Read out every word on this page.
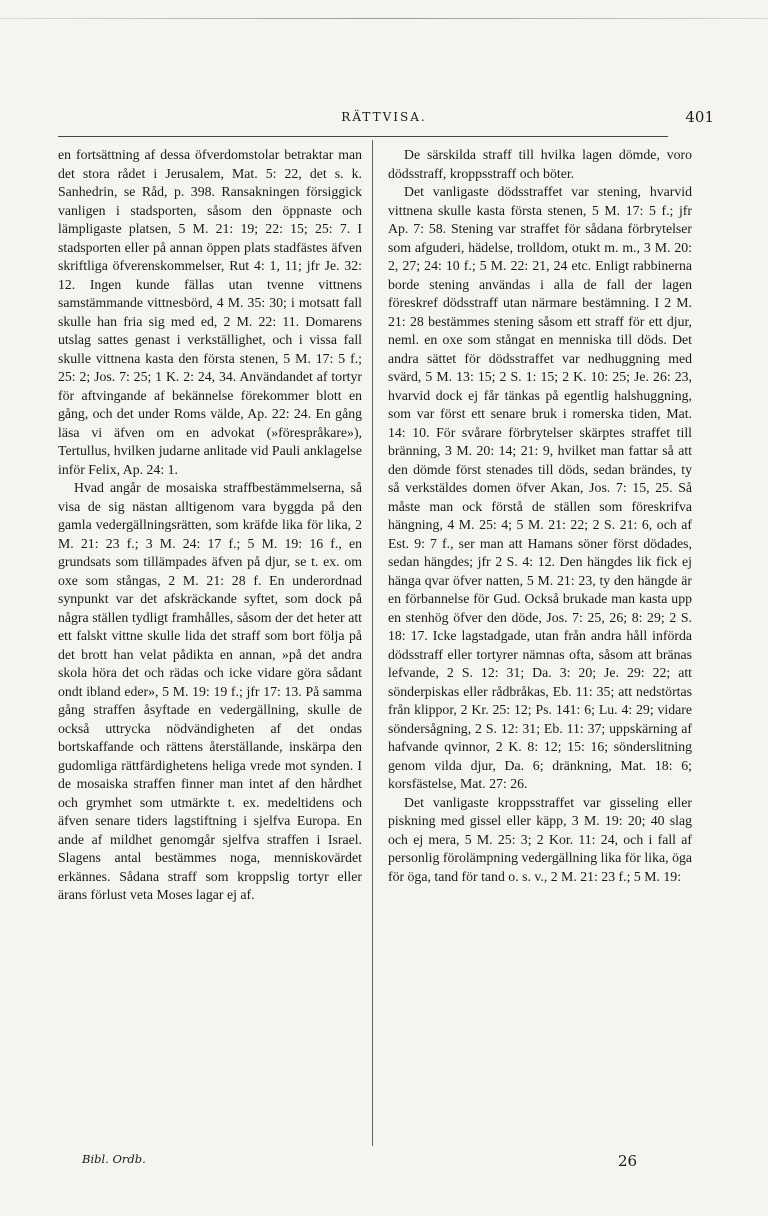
RÄTTVISA.	401

en fortsättning af dessa öfverdomstolar betraktar man det stora rådet i Jerusalem, Mat. 5: 22, det s. k. Sanhedrin, se Råd, p. 398. Ransakningen försiggick vanligen i stadsporten, såsom den öppnaste och lämpligaste platsen, 5 M. 21: 19; 22: 15; 25: 7. I stadsporten eller på annan öppen plats stadfästes äfven skriftliga öfverenskommelser, Rut 4: 1, 11; jfr Je. 32: 12. Ingen kunde fällas utan tvenne vittnens samstämmande vittnesbörd, 4 M. 35: 30; i motsatt fall skulle han fria sig med ed, 2 M. 22: 11. Domarens utslag sattes genast i verkställighet, och i vissa fall skulle vittnena kasta den första stenen, 5 M. 17: 5 f.; 25: 2; Jos. 7: 25; 1 K. 2: 24, 34. Användandet af tortyr för aftvingande af bekännelse förekommer blott en gång, och det under Roms välde, Ap. 22: 24. En gång läsa vi äfven om en advokat (»förespråkare»), Tertullus, hvilken judarne anlitade vid Pauli anklagelse inför Felix, Ap. 24: 1.

Hvad angår de mosaiska straffbestämmelserna, så visa de sig nästan alltigenom vara byggda på den gamla vedergällningsrätten, som kräfde lika för lika, 2 M. 21: 23 f.; 3 M. 24: 17 f.; 5 M. 19: 16 f., en grundsats som tillämpades äfven på djur, se t. ex. om oxe som stångas, 2 M. 21: 28 f. En underordnad synpunkt var det afskräckande syftet, som dock på några ställen tydligt framhålles, såsom der det heter att ett falskt vittne skulle lida det straff som bort följa på det brott han velat pådikta en annan, »på det andra skola höra det och rädas och icke vidare göra sådant ondt ibland eder», 5 M. 19: 19 f.; jfr 17: 13. På samma gång straffen åsyftade en vedergällning, skulle de också uttrycka nödvändigheten af det ondas bortskaffande och rättens återställande, inskärpa den gudomliga rättfärdighetens heliga vrede mot synden. I de mosaiska straffen finner man intet af den hårdhet och grymhet som utmärkte t. ex. medeltidens och äfven senare tiders lagstiftning i sjelfva Europa. En ande af mildhet genomgår sjelfva straffen i Israel. Slagens antal bestämmes noga, menniskovärdet erkännes. Sådana straff som kroppslig tortyr eller ärans förlust veta Moses lagar ej af.

De särskilda straff till hvilka lagen dömde, voro dödsstraff, kroppsstraff och böter.

Det vanligaste dödsstraffet var stening, hvarvid vittnena skulle kasta första stenen, 5 M. 17: 5 f.; jfr Ap. 7: 58. Stening var straffet för sådana förbrytelser som afguderi, hädelse, trolldom, otukt m. m., 3 M. 20: 2, 27; 24: 10 f.; 5 M. 22: 21, 24 etc. Enligt rabbinerna borde stening användas i alla de fall der lagen föreskref dödsstraff utan närmare bestämning. I 2 M. 21: 28 bestämmes stening såsom ett straff för ett djur, neml. en oxe som stångat en menniska till döds. Det andra sättet för dödsstraffet var nedhuggning med svärd, 5 M. 13: 15; 2 S. 1: 15; 2 K. 10: 25; Je. 26: 23, hvarvid dock ej får tänkas på egentlig halshuggning, som var först ett senare bruk i romerska tiden, Mat. 14: 10. För svårare förbrytelser skärptes straffet till bränning, 3 M. 20: 14; 21: 9, hvilket man fattar så att den dömde först stenades till döds, sedan brändes, ty så verkstäldes domen öfver Akan, Jos. 7: 15, 25. Så måste man ock förstå de ställen som föreskrifva hängning, 4 M. 25: 4; 5 M. 21: 22; 2 S. 21: 6, och af Est. 9: 7 f., ser man att Hamans söner först dödades, sedan hängdes; jfr 2 S. 4: 12. Den hängdes lik fick ej hänga qvar öfver natten, 5 M. 21: 23, ty den hängde är en förbannelse för Gud. Också brukade man kasta upp en stenhög öfver den döde, Jos. 7: 25, 26; 8: 29; 2 S. 18: 17. Icke lagstadgade, utan från andra håll införda dödsstraff eller tortyrer nämnas ofta, såsom att bränas lefvande, 2 S. 12: 31; Da. 3: 20; Je. 29: 22; att sönderpiskas eller rådbråkas, Eb. 11: 35; att nedstörtas från klippor, 2 Kr. 25: 12; Ps. 141: 6; Lu. 4: 29; vidare söndersågning, 2 S. 12: 31; Eb. 11: 37; uppskärning af hafvande qvinnor, 2 K. 8: 12; 15: 16; sönderslitning genom vilda djur, Da. 6; dränkning, Mat. 18: 6; korsfästelse, Mat. 27: 26.

Det vanligaste kroppsstraffet var gisseling eller piskning med gissel eller käpp, 3 M. 19: 20; 40 slag och ej mera, 5 M. 25: 3; 2 Kor. 11: 24, och i fall af personlig förolämpning vedergällning lika för lika, öga för öga, tand för tand o. s. v., 2 M. 21: 23 f.; 5 M. 19:

Bibl. Ordb.	26
